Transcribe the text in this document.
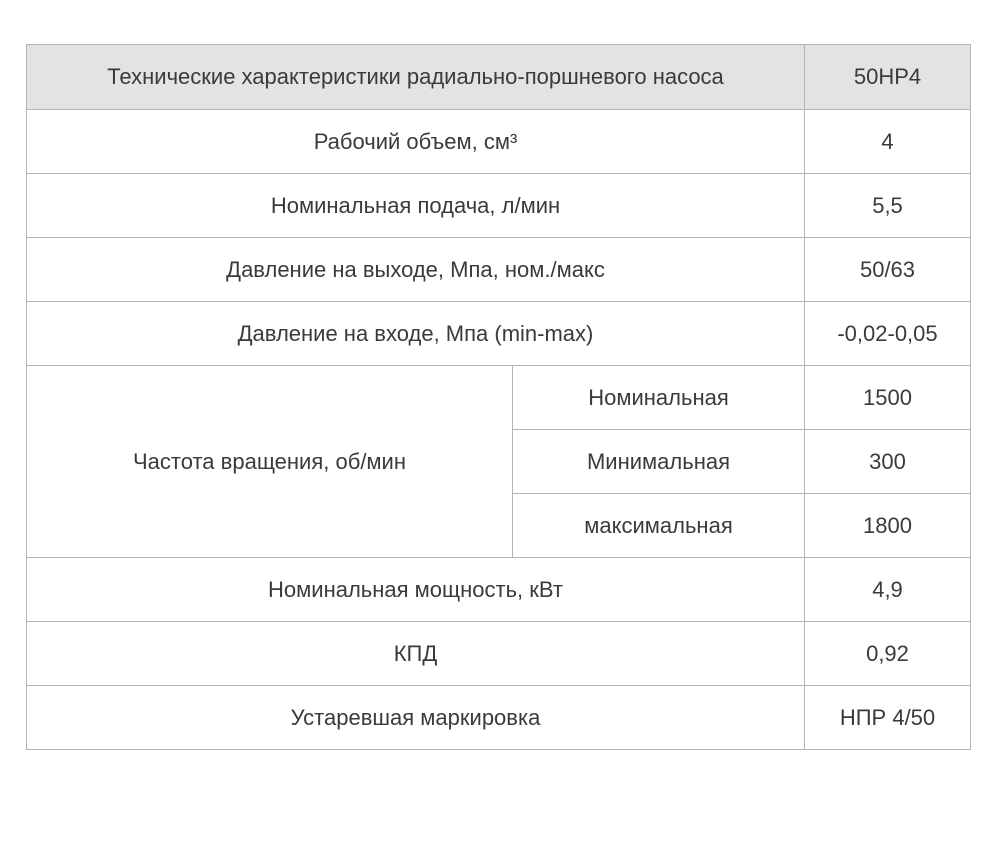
Технические характеристики радиально-поршневого насоса		50НР4
Рабочий объем, см³		4
Номинальная подача, л/мин		5,5
Давление на выходе, Мпа, ном./макс		50/63
Давление на входе, Мпа (min-max)		-0,02-0,05
Частота вращения, об/мин	Номинальная	1500
	Минимальная	300
	максимальная	1800
Номинальная мощность, кВт		4,9
КПД		0,92
Устаревшая маркировка		НПР 4/50
